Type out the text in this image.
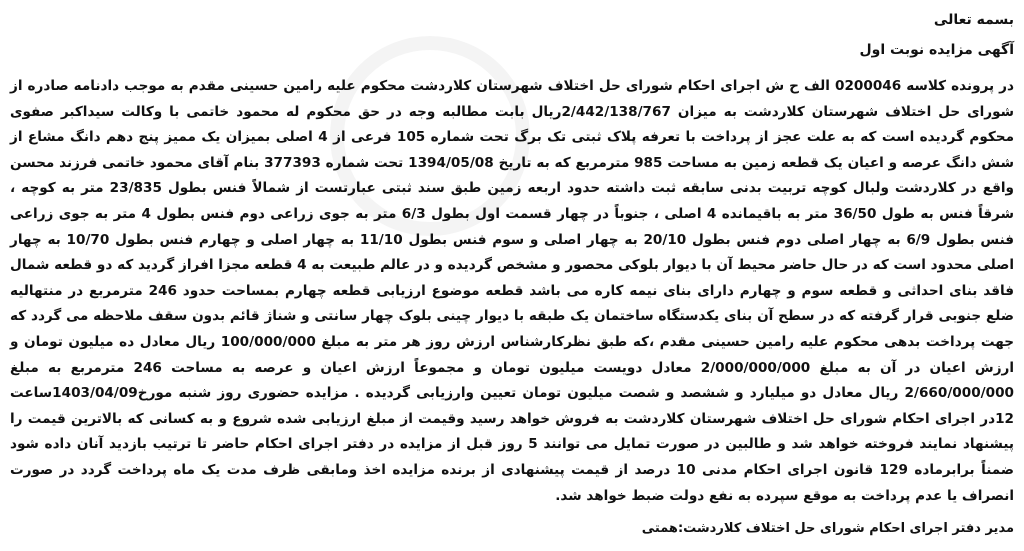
بسمه تعالی

آگهی مزایده نوبت اول

در پرونده کلاسه 0200046 الف ح ش اجرای احکام شورای حل اختلاف شهرستان کلاردشت محکوم علیه رامین حسینی مقدم به موجب دادنامه صادره از شورای حل اختلاف شهرستان کلاردشت به میزان 2/442/138/767ریال بابت مطالبه وجه در حق محکوم له محمود خاتمی با وکالت سیداکبر صفوی محکوم گردیده است که به علت عجز از پرداخت با تعرفه پلاک ثبتی تک برگ تحت شماره 105 فرعی از 4 اصلی بمیزان یک ممیز پنج دهم دانگ مشاع از شش دانگ عرصه و اعیان یک قطعه زمین به مساحت 985 مترمربع که به تاریخ 1394/05/08 تحت شماره 377393 بنام آقای محمود خاتمی فرزند محسن واقع در کلاردشت ولبال کوچه تربیت بدنی سابقه ثبت داشته حدود اربعه زمین طبق سند ثبتی عبارتست از شمالاً فنس بطول 23/835 متر به کوچه ، شرقاً فنس به طول 36/50 متر به باقیمانده 4 اصلی ، جنوباً در چهار قسمت اول بطول 6/3 متر به جوی زراعی دوم فنس بطول 4 متر به جوی زراعی فنس بطول 6/9 به چهار اصلی دوم فنس بطول 20/10 به چهار اصلی و سوم فنس بطول 11/10 به چهار اصلی و چهارم فنس بطول 10/70 به چهار اصلی محدود است که در حال حاضر محیط آن با دیوار بلوکی محصور و مشخص گردیده و در عالم طبیعت به 4 قطعه مجزا افراز گردید که دو قطعه شمال فاقد بنای احداثی و قطعه سوم و چهارم دارای بنای نیمه کاره می باشد قطعه موضوع ارزیابی قطعه چهارم بمساحت حدود 246 مترمربع در منتهالیه ضلع جنوبی قرار گرفته که در سطح آن بنای یکدستگاه ساختمان یک طبقه با دیوار چینی بلوک چهار سانتی و شناژ قائم بدون سقف ملاحظه می گردد که جهت پرداخت بدهی محکوم علیه رامین حسینی مقدم ،که طبق نظرکارشناس ارزش روز هر متر به مبلغ 100/000/000 ریال معادل ده میلیون تومان و ارزش اعیان در آن به مبلغ 2/000/000/000 معادل دویست میلیون تومان و مجموعاً ارزش اعیان و عرصه به مساحت 246 مترمربع به مبلغ 2/660/000/000 ریال معادل دو میلیارد و ششصد و شصت میلیون تومان تعیین وارزیابی گردیده . مزایده حضوری روز شنبه مورخ1403/04/09ساعت 12در اجرای احکام شورای حل اختلاف شهرستان کلاردشت به فروش خواهد رسید وقیمت از مبلغ ارزیابی شده شروع و به کسانی که بالاترین قیمت را پیشنهاد نمایند فروخته خواهد شد و طالبین در صورت تمایل می توانند 5 روز قبل از مزایده در دفتر اجرای احکام حاضر تا ترتیب بازدید آنان داده شود ضمناً برابرماده 129 قانون اجرای احکام مدنی 10 درصد از قیمت پیشنهادی از برنده مزایده اخذ ومابقی ظرف مدت یک ماه پرداخت گردد در صورت انصراف یا عدم پرداخت به موقع سپرده به نفع دولت ضبط خواهد شد.

مدیر دفتر اجرای احکام شورای حل اختلاف کلاردشت:همتی
